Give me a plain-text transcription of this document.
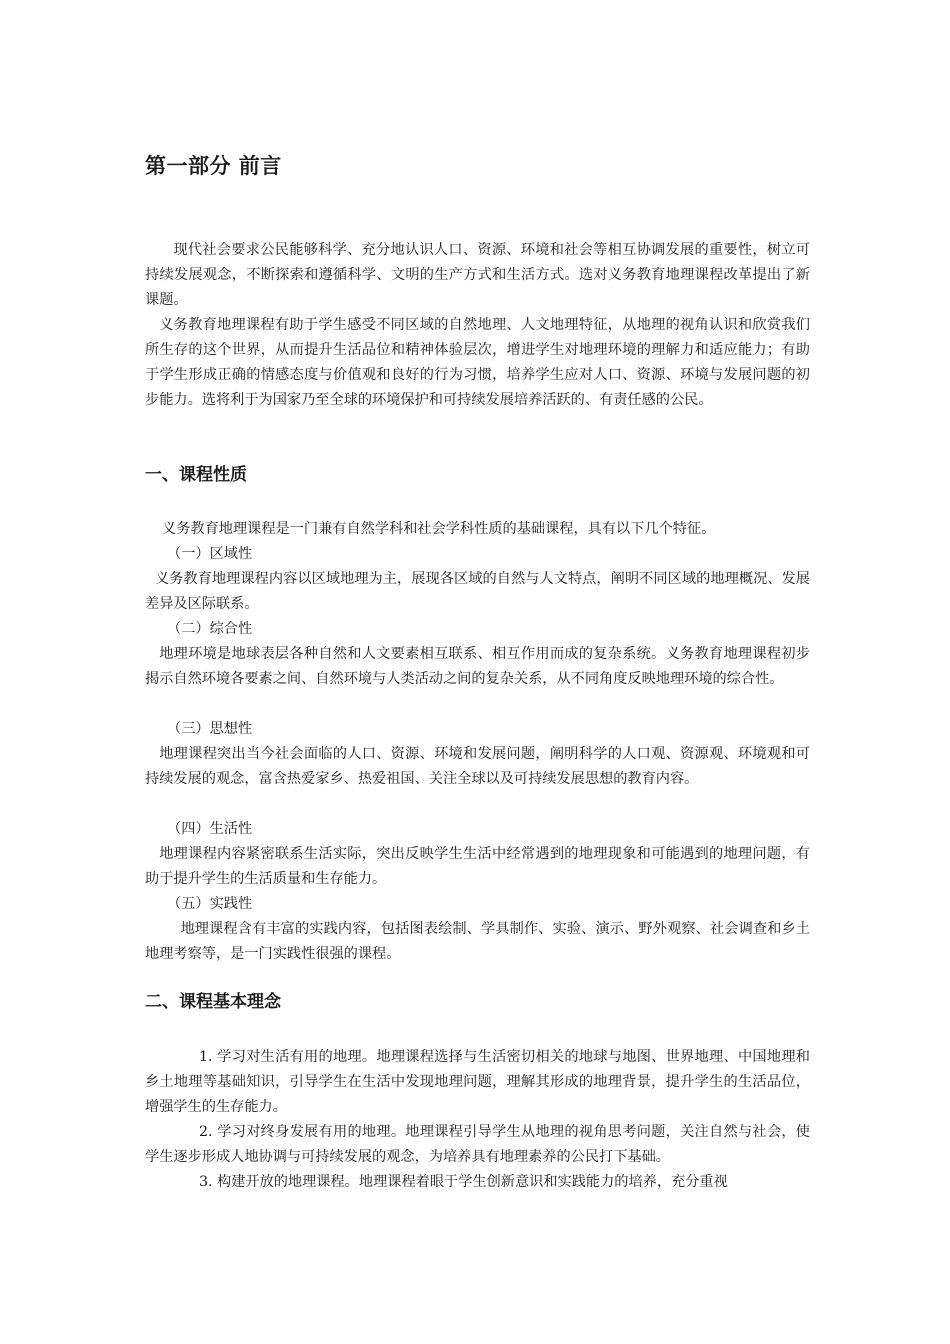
第一部分 前言

现代社会要求公民能够科学、充分地认识人口、资源、环境和社会等相互协调发展的重要性，树立可持续发展观念，不断探索和遵循科学、文明的生产方式和生活方式。选对义务教育地理课程改革提出了新课题。

义务教育地理课程有助于学生感受不同区域的自然地理、人文地理特征，从地理的视角认识和欣赏我们所生存的这个世界，从而提升生活品位和精神体验层次，增进学生对地理环境的理解力和适应能力；有助于学生形成正确的情感态度与价值观和良好的行为习惯，培养学生应对人口、资源、环境与发展问题的初步能力。选将利于为国家乃至全球的环境保护和可持续发展培养活跃的、有责任感的公民。

一、课程性质

义务教育地理课程是一门兼有自然学科和社会学科性质的基础课程，具有以下几个特征。

（一）区域性

义务教育地理课程内容以区域地理为主，展现各区域的自然与人文特点，阐明不同区域的地理概况、发展差异及区际联系。

（二）综合性

地理环境是地球表层各种自然和人文要素相互联系、相互作用而成的复杂系统。义务教育地理课程初步揭示自然环境各要素之间、自然环境与人类活动之间的复杂关系，从不同角度反映地理环境的综合性。

（三）思想性

地理课程突出当今社会面临的人口、资源、环境和发展问题，阐明科学的人口观、资源观、环境观和可持续发展的观念，富含热爱家乡、热爱祖国、关注全球以及可持续发展思想的教育内容。

（四）生活性

地理课程内容紧密联系生活实际，突出反映学生生活中经常遇到的地理现象和可能遇到的地理问题，有助于提升学生的生活质量和生存能力。

（五）实践性

地理课程含有丰富的实践内容，包括图表绘制、学具制作、实验、演示、野外观察、社会调查和乡土地理考察等，是一门实践性很强的课程。

二、课程基本理念

1. 学习对生活有用的地理。地理课程选择与生活密切相关的地球与地图、世界地理、中国地理和乡土地理等基础知识，引导学生在生活中发现地理问题，理解其形成的地理背景，提升学生的生活品位，增强学生的生存能力。

2. 学习对终身发展有用的地理。地理课程引导学生从地理的视角思考问题，关注自然与社会，使学生逐步形成人地协调与可持续发展的观念，为培养具有地理素养的公民打下基础。

3. 构建开放的地理课程。地理课程着眼于学生创新意识和实践能力的培养，充分重视
